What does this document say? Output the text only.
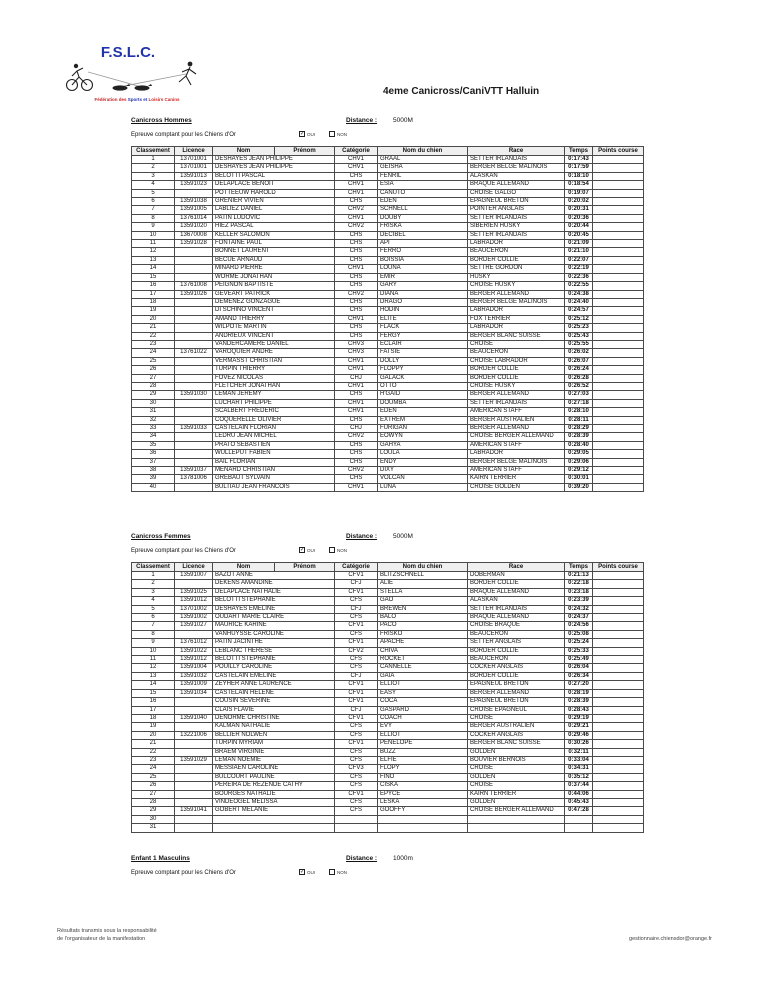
F.S.L.C.
Fédération des Sports et Loisirs Canins
4eme Canicross/CaniVTT Halluin
Canicross Hommes	Distance : 5000M
Epreuve comptant pour les Chiens d'Or	✓ OUI	NON
Classement	Licence	Nom	Prénom	Catégorie	Nom du chien	Race	Temps	Points course
1	13701001	DESHAYES JEAN PHILIPPE		CHV1	GRAAL	SETTER IRLANDAIS	0:17:43	
2	13701001	DESHAYES JEAN PHILIPPE		CHV1	GEISHA	BERGER BELGE MALINOIS	0:17:59	
3	13591013	BELOTTI PASCAL		CHS	FENRIL	ALASKAN	0:18:10	
4	13591023	DELAPLACE BENOIT		CHV1	ESIA	BRAQUE ALLEMAND	0:18:54	
5		POTTEEUW HAROLD		CHV1	CANUTO	CROISE GALGO	0:19:07	
6	13591038	GRENIER VIVIEN		CHS	EDEN	EPAGNEUL BRETON	0:20:02	
7	13591005	LABLIEZ DANIEL		CHV2	SCHNELL	POINTER ANGLAIS	0:20:31	
8	13761014	PATIN LUDOVIC		CHV1	DOUBY	SETTER IRLANDAIS	0:20:36	
9	13591020	HIEZ PASCAL		CHV2	FRISKA	SIBERIEN HUSKY	0:20:44	
10	13670008	KELLER SALOMON		CHS	DECIBEL	SETTER IRLANDAIS	0:20:45	
11	13591028	FONTAINE PAUL		CHS	API	LABRADOR	0:21:09	
12		BONNET LAURENT		CHS	FERRO	BEAUCERON	0:21:10	
13		BECUE ARNAUD		CHS	BOISSIA	BORDER COLLIE	0:22:07	
14		MINARD PIERRE		CHV1	LOUNA	SETTRE GORDON	0:22:19	
15		WORME JONATHAN		CHS	EMIR	HUSKY	0:22:36	
16	13761008	PEIGNON BAPTISTE		CHS	GARY	CROISE HUSKY	0:22:55	
17	13591026	GEVEART PATRICK		CHV2	DIANA	BERGER ALLEMAND	0:24:38	
18		DEMENEZ GONZAGUE		CHS	DRAGO	BERGER BELGE MALINOIS	0:24:40	
19		DI SCHINO VINCENT		CHS	HODIN	LABRADOR	0:24:57	
20		AMAND THIERRY		CHV1	ELITE	FOX TERRIER	0:25:12	
21		WILPOTE MARTIN		CHS	FLACK	LABRADOR	0:25:23	
22		ANDRIEUX VINCENT		CHS	FERGY	BERGER BLANC SUISSE	0:25:43	
23		VANDERCAMERE DANIEL		CHV3	ECLAIR	CROISE	0:25:55	
24	13761022	VAROQUIER ANDRE		CHV3	FATSIE	BEAUCERON	0:26:02	
25		VERMASST CHRISTIAN		CHV1	DOLLY	CROISE LABRADOR	0:26:07	
26		TURPIN THIERRY		CHV1	FLOPPY	BORDER COLLIE	0:26:24	
27		FOVEZ NICOLAS		CHJ	GALACK	BORDER COLLIE	0:26:28	
28		FLETCHER JONATHAN		CHV1	OTTO	CROISE HUSKY	0:26:52	
29	13591030	LEMAN JEREMY		CHS	H'GAID	BERGER ALLEMAND	0:27:03	
30		LUCHART PHILIPPE		CHV1	DOUMBA	SETTER IRLANDAIS	0:27:18	
31		SCALBERT FREDERIC		CHV1	EDEN	AMERICAN STAFF	0:28:10	
32		COQUERELLE OLIVIER		CHS	EXTREM	BERGER AUSTRALIEN	0:28:11	
33	13591033	CASTELAIN FLORIAN		CHJ	FURIGAN	BERGER ALLEMAND	0:28:29	
34		LEDRU JEAN MICHEL		CHV2	EOWYN	CROISE BERGER ALLEMAND	0:28:39	
35		PRATO SEBASTIEN		CHS	GAHYA	AMERICAN STAFF	0:28:40	
36		WULLEPUT FABIEN		CHS	LOULA	LABRADOR	0:29:05	
37		BAIL FLORIAN		CHS	ENDY	BERGER BELGE MALINOIS	0:29:06	
38	13591037	MENARD CHRISTIAN		CHV2	DIXY	AMERICAN STAFF	0:29:12	
39	13781006	GREBAUT SYLVAIN		CHS	VOLCAN	KAIRN TERRIER	0:30:01	
40		BULTIAU JEAN FRANCOIS		CHV1	LUNA	CROISE GOLDEN	0:39:20	
Canicross Femmes	Distance : 5000M
Epreuve comptant pour les Chiens d'Or	✓ OUI	NON
Classement	Licence	Nom	Prénom	Catégorie	Nom du chien	Race	Temps	Points course
1	13591007	BAZOT ANNE		CFV1	BLITZSCHNELL	DOBERMAN	0:21:13	
2		DEKENS AMANDINE		CFJ	ALIE	BORDER COLLIE	0:22:18	
3	13591025	DELAPLACE NATHALIE		CFV1	STELLA	BRAQUE ALLEMAND	0:23:18	
4	13591012	BELOTTI STEPHANIE		CFS	GAO	ALASKAN	0:23:39	
5	13701002	DESHAYES EMELINE		CFJ	BREWEN	SETTER IRLANDAIS	0:24:32	
6	13591002	OUDART MARIE CLAIRE		CFS	BALO	BRAQUE ALLEMAND	0:24:37	
7	13591027	MAURICE KARINE		CFV1	PACO	CROISE BRAQUE	0:24:56	
8		VANHUYSSE CAROLINE		CFS	FRISKO	BEAUCERON	0:25:08	
9	13761012	PATIN JACINTHE		CFV1	APACHE	SETTER ANGLAIS	0:25:24	
10	13591022	LEBLANC THERESE		CFV2	CHIVA	BORDER COLLIE	0:25:33	
11	13591012	BELOTTI STEPHANIE		CFS	ROCKET	BEAUCERON	0:25:49	
12	13591004	POUILLY CAROLINE		CFS	CANNELLE	COCKER ANGLAIS	0:26:04	
13	13591032	CASTELAIN EMELINE		CFJ	GAIA	BORDER COLLIE	0:26:34	
14	13591009	ZEYHER ANNE LAURENCE		CFV1	ELLIOT	EPAGNEUL BRETON	0:27:20	
15	13591034	CASTELAIN HELENE		CFV1	EASY	BERGER ALLEMAND	0:28:19	
16		COUSIN SEVERINE		CFV1	COCA	EPAGNEUL BRETON	0:28:39	
17		CLAIS FLAVIE		CFJ	GASPARD	CROISE EPAGNEUL	0:28:43	
18	13591040	DENORME CHRISTINE		CFV1	COACH	CROISE	0:29:19	
19		KALMAN NATHALIE		CFS	EVY	BERGER AUSTRALIEN	0:29:21	
20	13221006	BELLIER NOLWEN		CFS	ELLIOT	COCKER ANGLAIS	0:29:46	
21		TURPIN MYRIAM		CFV1	PENELOPE	BERGER BLANC SUISSE	0:30:26	
22		BRAEM VIRGINIE		CFS	BUZZ	GOLDEN	0:32:11	
23	13591029	LEMAN NOEMIE		CFS	ELFIE	BOUVIER BERNOIS	0:33:04	
24		MESSIAEN CAROLINE		CFV3	FLOPY	CROISE	0:34:31	
25		BULCOURT PAULINE		CFS	FINO	GOLDEN	0:35:12	
26		PEREIRA DE REZENDE CATHY		CFS	CISKA	CROISE	0:37:44	
27		BOURGES NATHALIE		CFV1	EPYCE	KAIRN TERRIER	0:44:06	
28		VINDEOGEL MELISSA		CFS	LESKA	GOLDEN	0:45:43	
29	13591041	GOBERT MELANIE		CFS	GOOFFY	CROISE BERGER ALLEMAND	0:47:28	
30								
31								
Enfant 1 Masculins	Distance : 1000m
Epreuve comptant pour les Chiens d'Or	✓ OUI	NON
Résultats transmis sous la responsabilité
de l'organisateur de la manifestation	gestionnaire.chiensdor@orange.fr
